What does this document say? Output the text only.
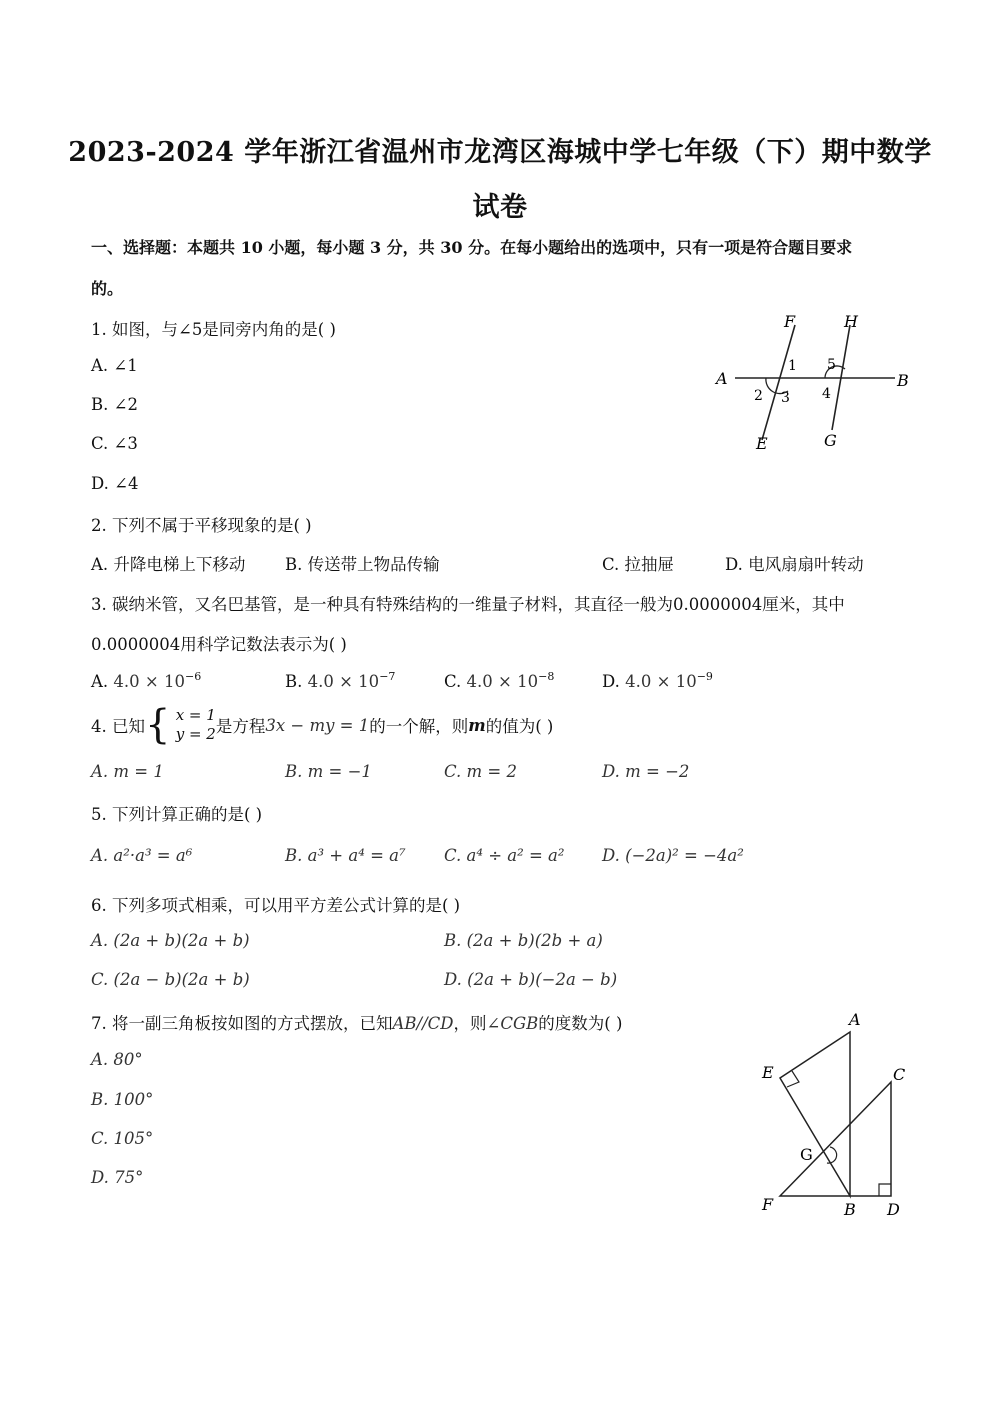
2023-2024 学年浙江省温州市龙湾区海城中学七年级（下）期中数学
试卷
一、选择题：本题共 10 小题，每小题 3 分，共 30 分。在每小题给出的选项中，只有一项是符合题目要求
的。
1. 如图，与∠5是同旁内角的是( )
A. ∠1
B. ∠2
C. ∠3
D. ∠4
F	H
A	B
E	G
1
2 3 4
5
2. 下列不属于平移现象的是( )
A. 升降电梯上下移动 B. 传送带上物品传输	C. 拉抽屉	D. 电风扇扇叶转动
3. 碳纳米管，又名巴基管，是一种具有特殊结构的一维量子材料，其直径一般为0.0000004厘米，其中
0.0000004用科学记数法表示为( )
A. $4.0 \times 10^{-6}$	B. $4.0 \times 10^{-7}$	C. $4.0 \times 10^{-8}$	D. $4.0 \times 10^{-9}$
4. 已知 { x = 1
y = 2 是方程 3x − my = 1 的一个解，则 m 的值为( )
A. m = 1	B. m = −1	C. m = 2	D. m = −2
5. 下列计算正确的是( )
A. a²·a³ = a⁶	B. a³ + a⁴ = a⁷ C. a⁴ ÷ a² = a² D. (−2a)² = −4a²
6. 下列多项式相乘，可以用平方差公式计算的是( )
A. (2a + b)(2a + b)	B. (2a + b)(2b + a)
C. (2a − b)(2a + b)	D. (2a + b)(−2a − b)
7. 将一副三角板按如图的方式摆放，已知AB//CD，则∠CGB的度数为( )
A. 80°
B. 100°
C. 105°
D. 75°
A
E	C
G
F	B D
